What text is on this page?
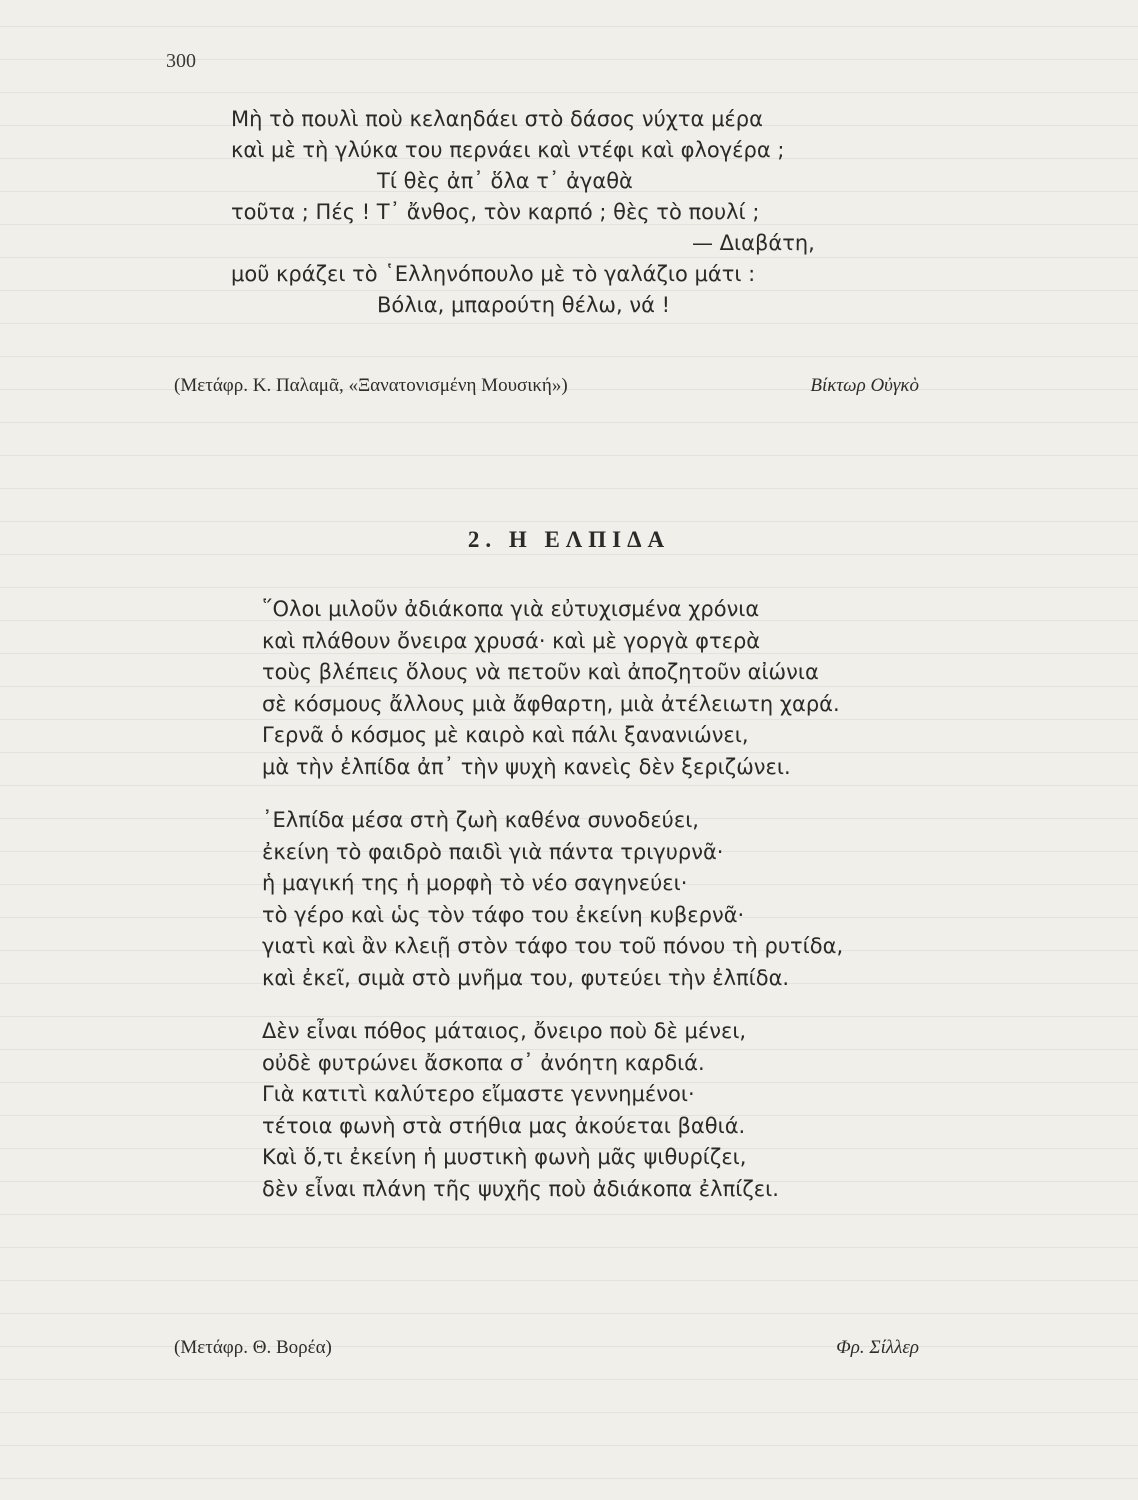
300
Μὴ τὸ πουλὶ ποὺ κελαηδάει στὸ δάσος νύχτα μέρα
καὶ μὲ τὴ γλύκα του περνάει καὶ ντέφι καὶ φλογέρα ;
Τί θὲς ἀπ᾿ ὅλα τ᾿ ἀγαθὰ
τοῦτα ; Πές ! Τ᾿ ἄνθος, τὸν καρπό ; θὲς τὸ πουλί ;
— Διαβάτη,
μοῦ κράζει τὸ ῾Ελληνόπουλο μὲ τὸ γαλάζιο μάτι :
Βόλια, μπαρούτη θέλω, νά !
(Μετάφρ. Κ. Παλαμᾶ, «Ξανατονισμένη Μουσική»)	Βίκτωρ Οὐγκὸ
2. Η ΕΛΠΙΔΑ
῞Ολοι μιλοῦν ἀδιάκοπα γιὰ εὐτυχισμένα χρόνια
καὶ πλάθουν ὄνειρα χρυσά· καὶ μὲ γοργὰ φτερὰ
τοὺς βλέπεις ὅλους νὰ πετοῦν καὶ ἀποζητοῦν αἰώνια
σὲ κόσμους ἄλλους μιὰ ἄφθαρτη, μιὰ ἀτέλειωτη χαρά.
Γερνᾶ ὁ κόσμος μὲ καιρὸ καὶ πάλι ξανανιώνει,
μὰ τὴν ἐλπίδα ἀπ᾿ τὴν ψυχὴ κανεὶς δὲν ξεριζώνει.
᾿Ελπίδα μέσα στὴ ζωὴ καθένα συνοδεύει,
ἐκείνη τὸ φαιδρὸ παιδὶ γιὰ πάντα τριγυρνᾶ·
ἡ μαγική της ἡ μορφὴ τὸ νέο σαγηνεύει·
τὸ γέρο καὶ ὡς τὸν τάφο του ἐκείνη κυβερνᾶ·
γιατὶ καὶ ἂν κλειῇ στὸν τάφο του τοῦ πόνου τὴ ρυτίδα,
καὶ ἐκεῖ, σιμὰ στὸ μνῆμα του, φυτεύει τὴν ἐλπίδα.
Δὲν εἶναι πόθος μάταιος, ὄνειρο ποὺ δὲ μένει,
οὐδὲ φυτρώνει ἄσκοπα σ᾿ ἀνόητη καρδιά.
Γιὰ κατιτὶ καλύτερο εἴμαστε γεννημένοι·
τέτοια φωνὴ στὰ στήθια μας ἀκούεται βαθιά.
Καὶ ὅ,τι ἐκείνη ἡ μυστικὴ φωνὴ μᾶς ψιθυρίζει,
δὲν εἶναι πλάνη τῆς ψυχῆς ποὺ ἀδιάκοπα ἐλπίζει.
(Μετάφρ. Θ. Βορέα)	Φρ. Σίλλερ
